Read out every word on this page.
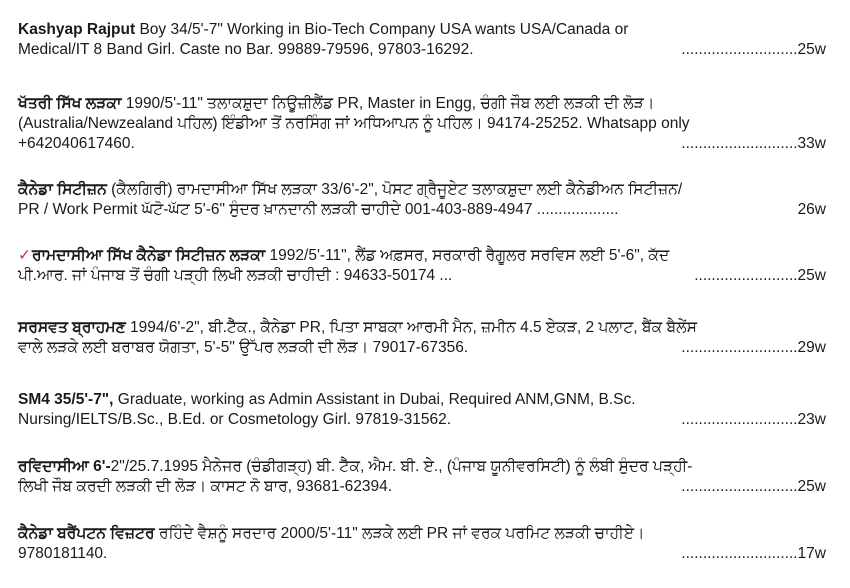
Kashyap Rajput Boy 34/5'-7" Working in Bio-Tech Company USA wants USA/Canada or
Medical/IT 8 Band Girl. Caste no Bar. 99889-79596, 97803-16292.	...........................25w
ਖੱਤਰੀ ਸਿੱਖ ਲੜਕਾ 1990/5'-11" ਤਲਾਕਸ਼ੁਦਾ ਨਿਊਜ਼ੀਲੈਂਡ PR, Master in Engg, ਚੰਗੀ ਜੌਬ ਲਈ ਲੜਕੀ ਦੀ ਲੋੜ।
(Australia/Newzealand ਪਹਿਲ) ਇੰਡੀਆ ਤੋਂ ਨਰਸਿੰਗ ਜਾਂ ਅਧਿਆਪਨ ਨੂੰ ਪਹਿਲ। 94174-25252. Whatsapp only
+642040617460.	...........................33w
ਕੈਨੇਡਾ ਸਿਟੀਜ਼ਨ (ਕੈਲਗਿਰੀ) ਰਾਮਦਾਸੀਆ ਸਿੱਖ ਲੜਕਾ 33/6'-2", ਪੋਸਟ ਗ੍ਰੈਜੂਏਟ ਤਲਾਕਸ਼ੁਦਾ ਲਈ ਕੈਨੇਡੀਅਨ ਸਿਟੀਜ਼ਨ/
PR / Work Permit ਘੱਟੋ-ਘੱਟ 5'-6" ਸੁੰਦਰ ਖ਼ਾਨਦਾਨੀ ਲੜਕੀ ਚਾਹੀਦੇ 001-403-889-4947 ...................	26w
✓ਰਾਮਦਾਸੀਆ ਸਿੱਖ ਕੈਨੇਡਾ ਸਿਟੀਜ਼ਨ ਲੜਕਾ 1992/5'-11", ਲੈਂਡ ਅਫ਼ਸਰ, ਸਰਕਾਰੀ ਰੈਗੂਲਰ ਸਰਵਿਸ ਲਈ 5'-6", ਕੱਦ
ਪੀ.ਆਰ. ਜਾਂ ਪੰਜਾਬ ਤੋਂ ਚੰਗੀ ਪੜ੍ਹੀ ਲਿਖੀ ਲੜਕੀ ਚਾਹੀਦੀ : 94633-50174 ...	........................25w
ਸਰਸਵਤ ਬ੍ਰਾਹਮਣ 1994/6'-2", ਬੀ.ਟੈੱਕ., ਕੈਨੇਡਾ PR, ਪਿਤਾ ਸਾਬਕਾ ਆਰਮੀ ਮੈਨ, ਜ਼ਮੀਨ 4.5 ਏਕੜ, 2 ਪਲਾਟ, ਬੈਂਕ ਬੈਲੇਂਸ
ਵਾਲੇ ਲੜਕੇ ਲਈ ਬਰਾਬਰ ਯੋਗਤਾ, 5'-5" ਉੱਪਰ ਲੜਕੀ ਦੀ ਲੋੜ। 79017-67356.	...........................29w
SM4 35/5'-7", Graduate, working as Admin Assistant in Dubai, Required ANM,GNM, B.Sc.
Nursing/IELTS/B.Sc., B.Ed. or Cosmetology Girl. 97819-31562.	...........................23w
ਰਵਿਦਾਸੀਆ 6'-2"/25.7.1995 ਮੈਨੇਜਰ (ਚੰਡੀਗੜ੍ਹ) ਬੀ. ਟੈੱਕ, ਐਮ. ਬੀ. ਏ., (ਪੰਜਾਬ ਯੂਨੀਵਰਸਿਟੀ) ਨੂੰ ਲੰਬੀ ਸੁੰਦਰ ਪੜ੍ਹੀ-
ਲਿਖੀ ਜੌਬ ਕਰਦੀ ਲੜਕੀ ਦੀ ਲੋੜ। ਕਾਸਟ ਨੋ ਬਾਰ, 93681-62394.	...........................25w
ਕੈਨੇਡਾ ਬਰੈਂਪਟਨ ਵਿਜ਼ਟਰ ਰਹਿੰਦੇ ਵੈਸ਼ਨੂੰ ਸਰਦਾਰ 2000/5'-11" ਲੜਕੇ ਲਈ PR ਜਾਂ ਵਰਕ ਪਰਮਿਟ ਲੜਕੀ ਚਾਹੀਏ।
9780181140.	...........................17w
